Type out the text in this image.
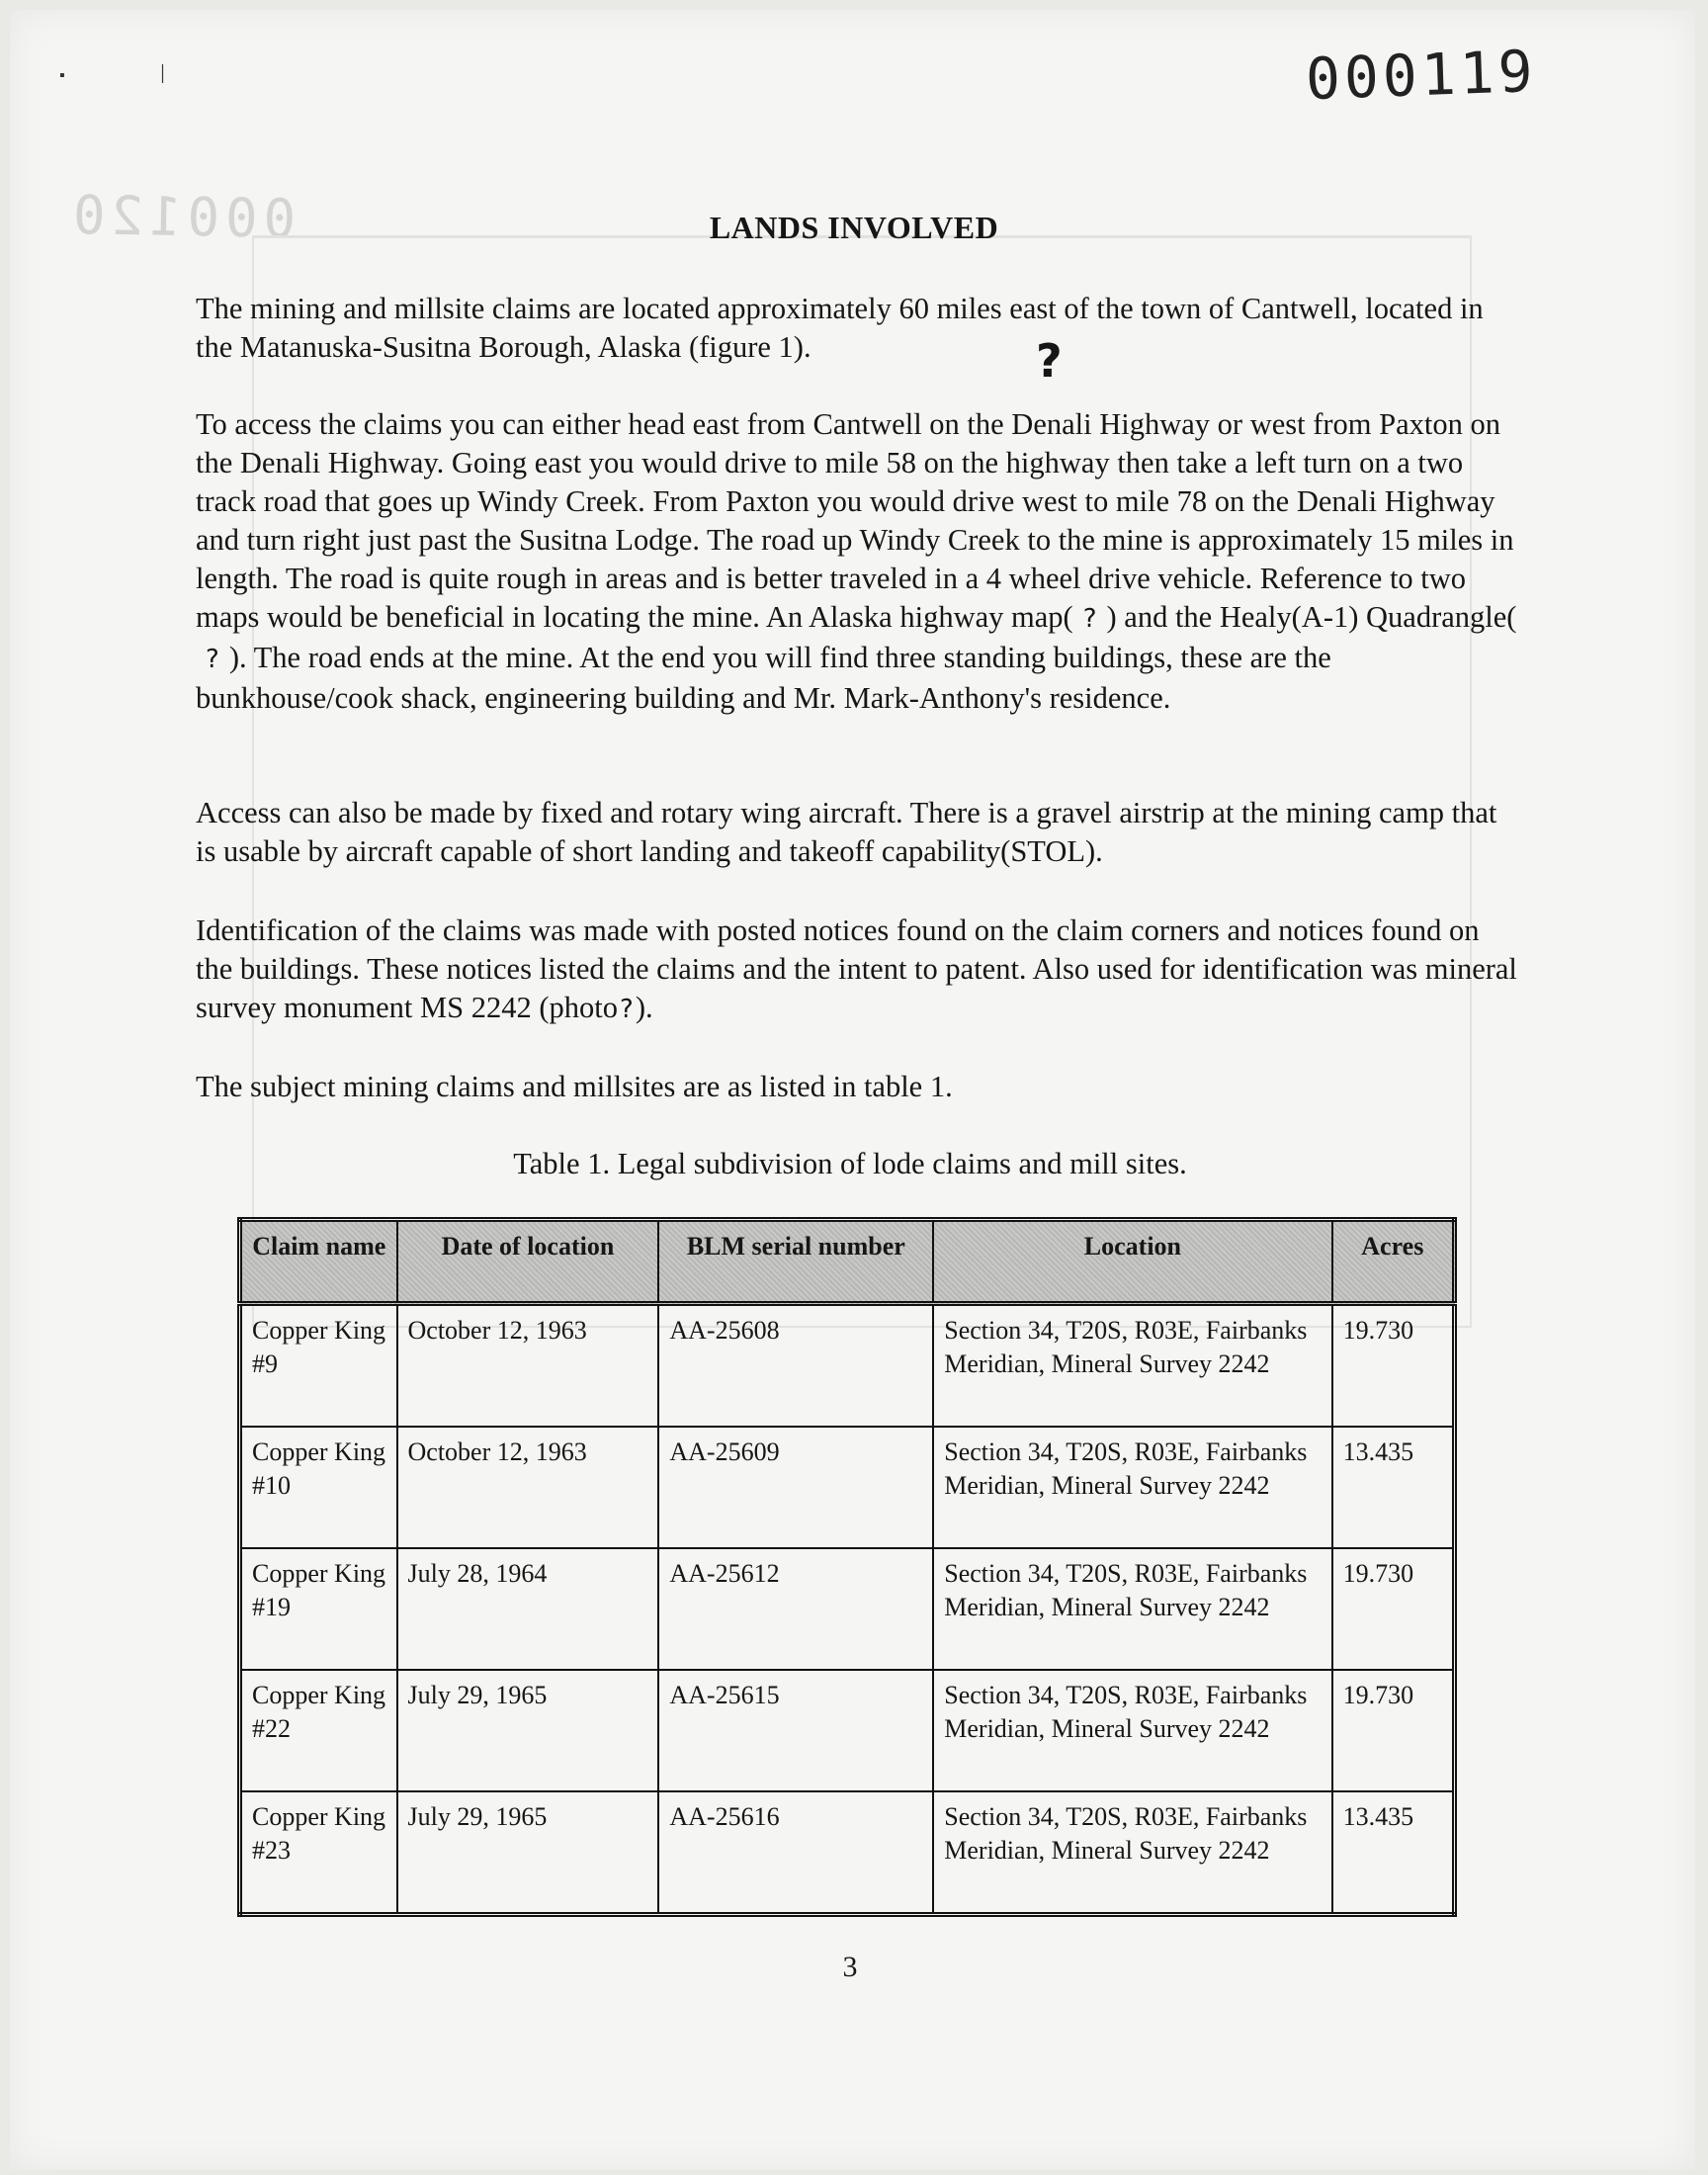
000120
000119
▪	׀
LANDS INVOLVED
The mining and millsite claims are located approximately 60 miles east of the town of Cantwell, located in the Matanuska-Susitna Borough, Alaska (figure 1).	?
To access the claims you can either head east from Cantwell on the Denali Highway or west from Paxton on the Denali Highway. Going east you would drive to mile 58 on the highway then take a left turn on a two track road that goes up Windy Creek. From Paxton you would drive west to mile 78 on the Denali Highway and turn right just past the Susitna Lodge. The road up Windy Creek to the mine is approximately 15 miles in length. The road is quite rough in areas and is better traveled in a 4 wheel drive vehicle. Reference to two maps would be beneficial in locating the mine. An Alaska highway map( ? ) and the Healy(A-1) Quadrangle(? ). The road ends at the mine. At the end you will find three standing buildings, these are the bunkhouse/cook shack, engineering building and Mr. Mark-Anthony's residence.
Access can also be made by fixed and rotary wing aircraft. There is a gravel airstrip at the mining camp that is usable by aircraft capable of short landing and takeoff capability(STOL).
Identification of the claims was made with posted notices found on the claim corners and notices found on the buildings. These notices listed the claims and the intent to patent. Also used for identification was mineral survey monument MS 2242 (photo?).
The subject mining claims and millsites are as listed in table 1.
Table 1. Legal subdivision of lode claims and mill sites.
Claim name	Date of location	BLM serial number	Location	Acres
Copper King #9	October 12, 1963	AA-25608	Section 34, T20S, R03E, Fairbanks Meridian, Mineral Survey 2242	19.730
Copper King #10	October 12, 1963	AA-25609	Section 34, T20S, R03E, Fairbanks Meridian, Mineral Survey 2242	13.435
Copper King #19	July 28, 1964	AA-25612	Section 34, T20S, R03E, Fairbanks Meridian, Mineral Survey 2242	19.730
Copper King #22	July 29, 1965	AA-25615	Section 34, T20S, R03E, Fairbanks Meridian, Mineral Survey 2242	19.730
Copper King #23	July 29, 1965	AA-25616	Section 34, T20S, R03E, Fairbanks Meridian, Mineral Survey 2242	13.435
3
